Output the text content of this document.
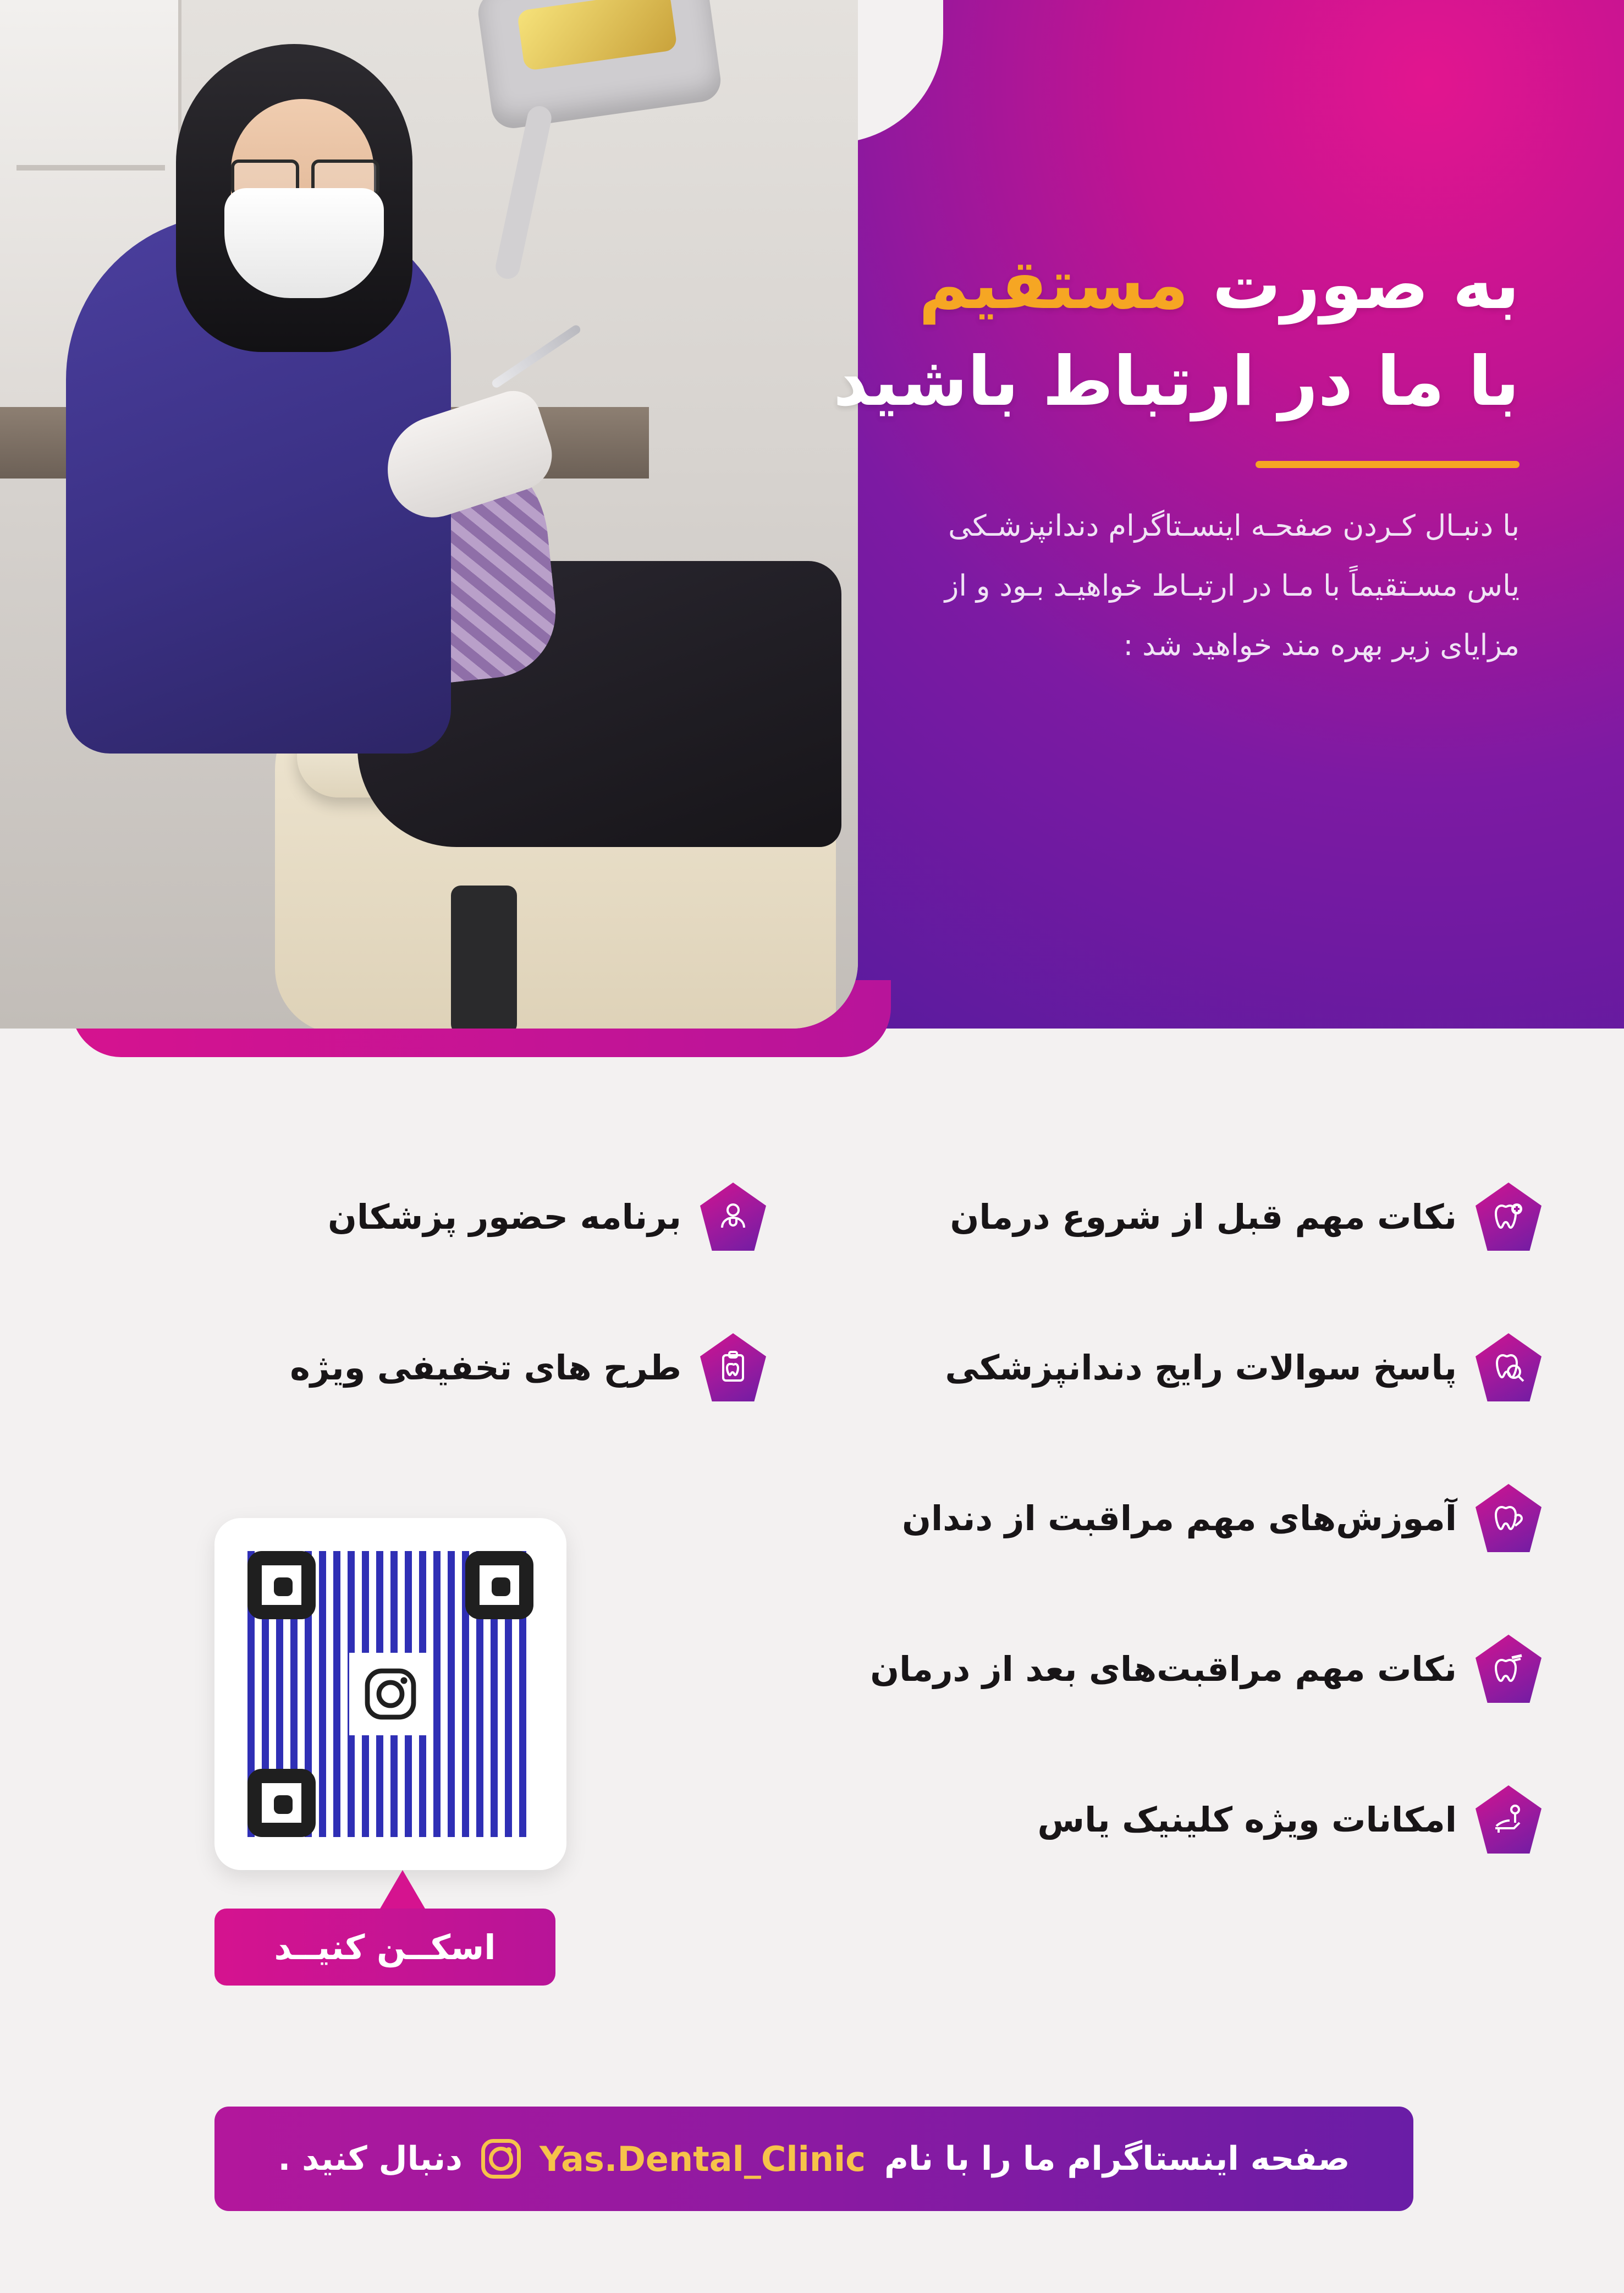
به صورت مستقیم
با ما در ارتباط باشید
با دنبـال کـردن صفحـه اینسـتاگرام دندانپزشـکی
یاس مسـتقیماً با مـا در ارتبـاط خواهیـد بـود و از
مزایای زیر بهره مند خواهید شد :
نکات مهم قبل از شروع درمان
پاسخ سوالات رایج دندانپزشکی
آموزش‌های مهم مراقبت از دندان
نکات مهم مراقبت‌های بعد از درمان
امکانات ویژه کلینیک یاس
برنامه حضور پزشکان
طرح های تخفیفی ویژه
اسکــن کنیــد
صفحه اینستاگرام ما را با نام
Yas.Dental_Clinic
دنبال کنید .
